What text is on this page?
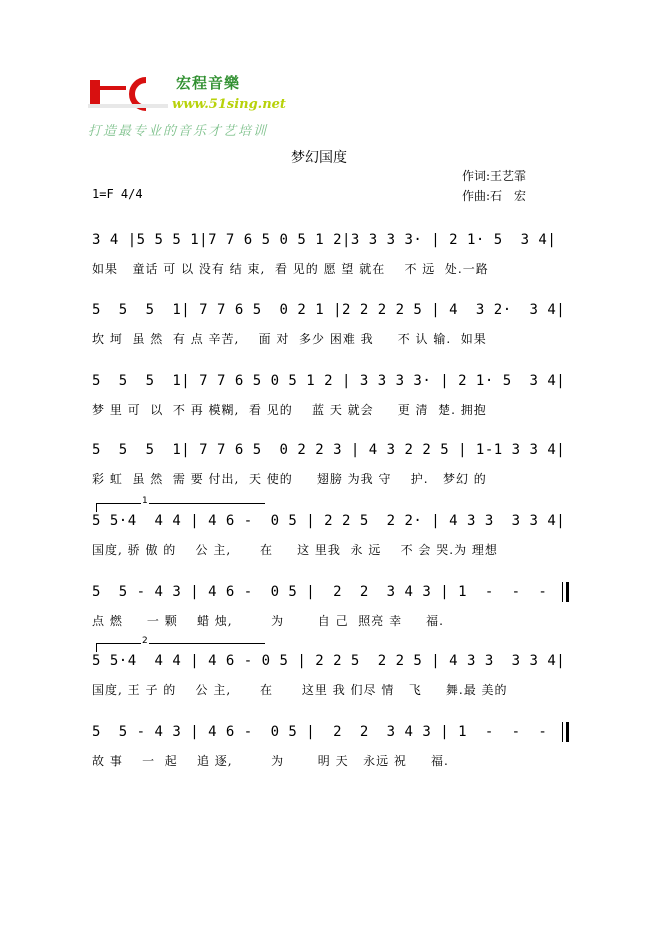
宏程音樂
www.51sing.net
打造最专业的音乐才艺培训
梦幻国度
作词:王艺霏
作曲:石　宏
1=F 4/4
3 4 |5 5 5 1|7 7 6 5 0 5 1 2|3 3 3 3· | 2 1· 5  3 4|
如果   童话 可 以 没有 结 束,  看 见的 愿 望 就在    不 远  处.一路
5  5  5  1| 7 7 6 5  0 2 1 |2 2 2 2 5 | 4  3 2·  3 4|
坎 坷  虽 然  有 点 辛苦,    面 对  多少 困难 我     不 认 输.  如果
5  5  5  1| 7 7 6 5 0 5 1 2 | 3 3 3 3· | 2 1· 5  3 4|
梦 里 可  以  不 再 模糊,  看 见的    蓝 天 就会     更 清  楚. 拥抱
5  5  5  1| 7 7 6 5  0 2 2 3 | 4 3 2 2 5 | 1-1 3 3 4|
彩 虹  虽 然  需 要 付出,  天 使的     翅膀 为我 守    护.   梦幻 的
1
5 5·4  4 4 | 4 6 -  0 5 | 2 2 5  2 2· | 4 3 3  3 3 4|
国度, 骄 傲 的    公 主,      在     这 里我  永 远    不 会 哭.为 理想
5  5 - 4 3 | 4 6 -  0 5 |  2  2  3 4 3 | 1  -  -  -
点 燃     一 颗    蜡 烛,        为       自 己  照亮 幸     福.
2
5 5·4  4 4 | 4 6 - 0 5 | 2 2 5  2 2 5 | 4 3 3  3 3 4|
国度, 王 子 的    公 主,      在      这里 我 们尽 情   飞     舞.最 美的
5  5 - 4 3 | 4 6 -  0 5 |  2  2  3 4 3 | 1  -  -  -
故 事    一  起    追 逐,        为       明 天   永远 祝     福.
